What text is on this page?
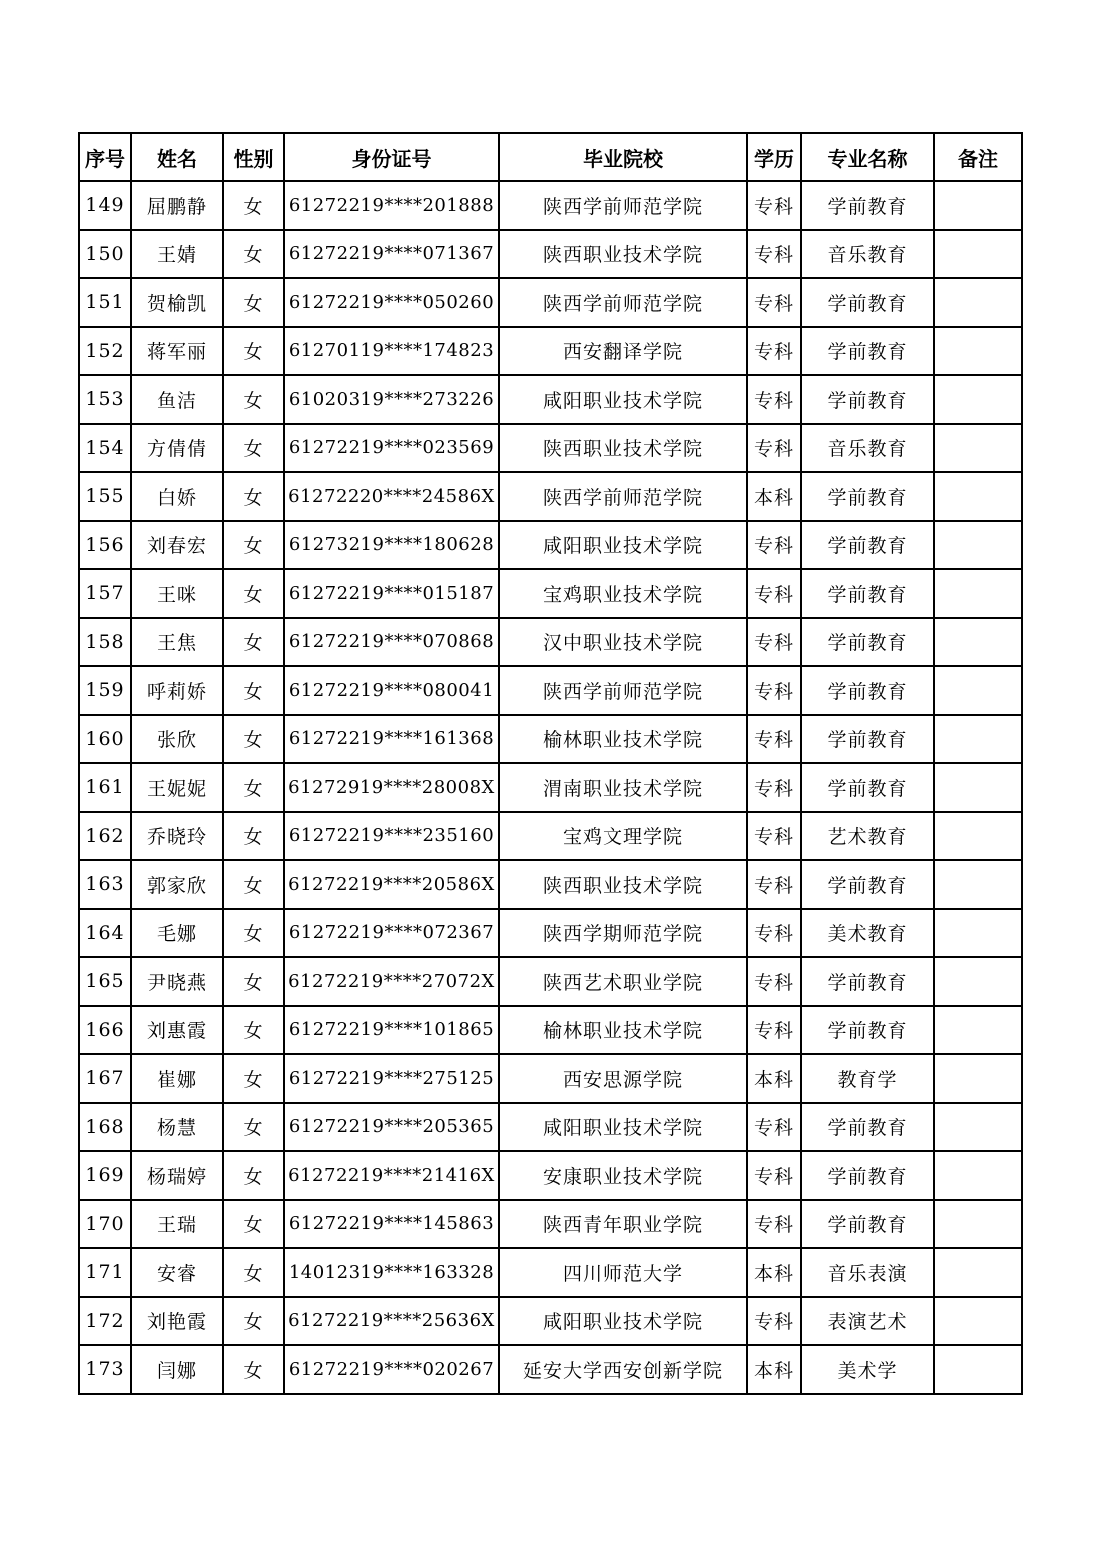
序号	姓名	性别	身份证号	毕业院校	学历	专业名称	备注
149	屈鹏静	女	61272219****201888	陕西学前师范学院	专科	学前教育	
150	王婧	女	61272219****071367	陕西职业技术学院	专科	音乐教育	
151	贺榆凯	女	61272219****050260	陕西学前师范学院	专科	学前教育	
152	蒋军丽	女	61270119****174823	西安翻译学院	专科	学前教育	
153	鱼洁	女	61020319****273226	咸阳职业技术学院	专科	学前教育	
154	方倩倩	女	61272219****023569	陕西职业技术学院	专科	音乐教育	
155	白娇	女	61272220****24586X	陕西学前师范学院	本科	学前教育	
156	刘春宏	女	61273219****180628	咸阳职业技术学院	专科	学前教育	
157	王咪	女	61272219****015187	宝鸡职业技术学院	专科	学前教育	
158	王焦	女	61272219****070868	汉中职业技术学院	专科	学前教育	
159	呼莉娇	女	61272219****080041	陕西学前师范学院	专科	学前教育	
160	张欣	女	61272219****161368	榆林职业技术学院	专科	学前教育	
161	王妮妮	女	61272919****28008X	渭南职业技术学院	专科	学前教育	
162	乔晓玲	女	61272219****235160	宝鸡文理学院	专科	艺术教育	
163	郭家欣	女	61272219****20586X	陕西职业技术学院	专科	学前教育	
164	毛娜	女	61272219****072367	陕西学期师范学院	专科	美术教育	
165	尹晓燕	女	61272219****27072X	陕西艺术职业学院	专科	学前教育	
166	刘惠霞	女	61272219****101865	榆林职业技术学院	专科	学前教育	
167	崔娜	女	61272219****275125	西安思源学院	本科	教育学	
168	杨慧	女	61272219****205365	咸阳职业技术学院	专科	学前教育	
169	杨瑞婷	女	61272219****21416X	安康职业技术学院	专科	学前教育	
170	王瑞	女	61272219****145863	陕西青年职业学院	专科	学前教育	
171	安睿	女	14012319****163328	四川师范大学	本科	音乐表演	
172	刘艳霞	女	61272219****25636X	咸阳职业技术学院	专科	表演艺术	
173	闫娜	女	61272219****020267	延安大学西安创新学院	本科	美术学	
